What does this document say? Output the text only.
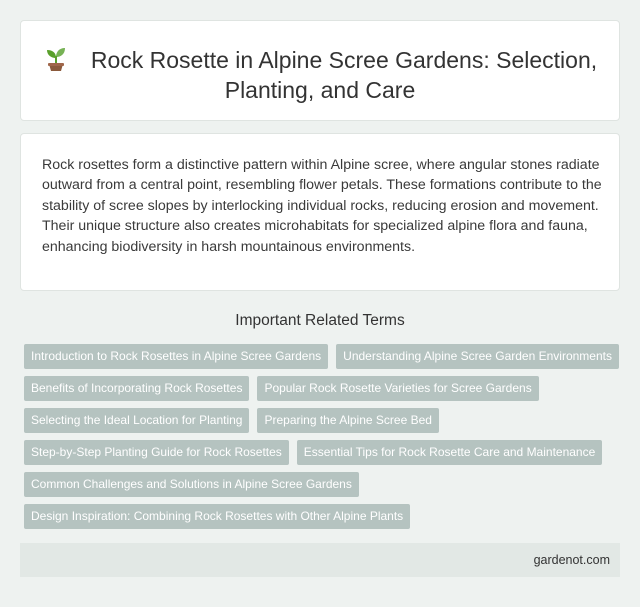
Rock Rosette in Alpine Scree Gardens: Selection, Planting, and Care

Rock rosettes form a distinctive pattern within Alpine scree, where angular stones radiate outward from a central point, resembling flower petals. These formations contribute to the stability of scree slopes by interlocking individual rocks, reducing erosion and movement. Their unique structure also creates microhabitats for specialized alpine flora and fauna, enhancing biodiversity in harsh mountainous environments.

Important Related Terms
Introduction to Rock Rosettes in Alpine Scree Gardens	Understanding Alpine Scree Garden Environments
Benefits of Incorporating Rock Rosettes	Popular Rock Rosette Varieties for Scree Gardens
Selecting the Ideal Location for Planting	Preparing the Alpine Scree Bed
Step-by-Step Planting Guide for Rock Rosettes	Essential Tips for Rock Rosette Care and Maintenance
Common Challenges and Solutions in Alpine Scree Gardens
Design Inspiration: Combining Rock Rosettes with Other Alpine Plants
gardenot.com
